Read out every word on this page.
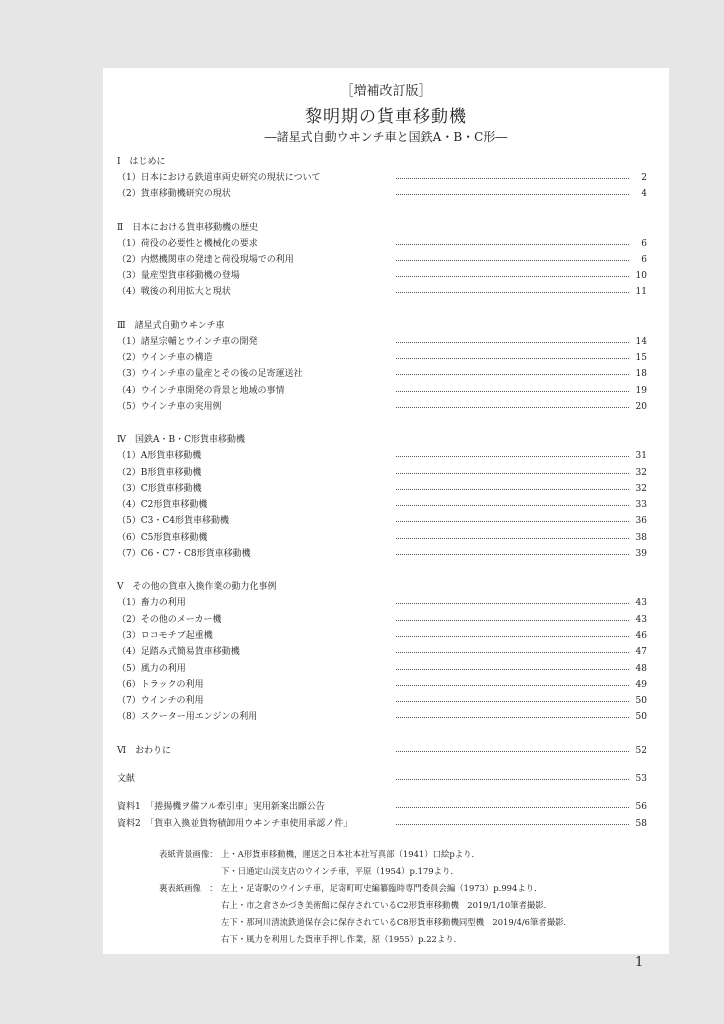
［増補改訂版］
黎明期の貨車移動機
―諸星式自動ウヰンチ車と国鉄A・B・C形―
Ⅰ　はじめに
（1）日本における鉄道車両史研究の現状について	2
（2）貨車移動機研究の現状	4
Ⅱ　日本における貨車移動機の歴史
（1）荷役の必要性と機械化の要求	6
（2）内燃機関車の発達と荷役現場での利用	6
（3）量産型貨車移動機の登場	10
（4）戦後の利用拡大と現状	11
Ⅲ　諸星式自動ウヰンチ車
（1）諸星宗輔とウインチ車の開発	14
（2）ウインチ車の構造	15
（3）ウインチ車の量産とその後の足寄運送社	18
（4）ウインチ車開発の背景と地域の事情	19
（5）ウインチ車の実用例	20
Ⅳ　国鉄A・B・C形貨車移動機
（1）A形貨車移動機	31
（2）B形貨車移動機	32
（3）C形貨車移動機	32
（4）C2形貨車移動機	33
（5）C3・C4形貨車移動機	36
（6）C5形貨車移動機	38
（7）C6・C7・C8形貨車移動機	39
Ⅴ　その他の貨車入換作業の動力化事例
（1）畜力の利用	43
（2）その他のメーカー機	43
（3）ロコモチブ起重機	46
（4）足踏み式簡易貨車移動機	47
（5）風力の利用	48
（6）トラックの利用	49
（7）ウインチの利用	50
（8）スクーター用エンジンの利用	50
Ⅵ　おわりに	52
文献	53
資料1　「捲揚機ヲ備フル牽引車」実用新案出願公告	56
資料2　「貨車入換並貨物積卸用ウヰンチ車使用承認ノ件」	58
表紙背景画像： 上・A形貨車移動機，運送之日本社本社写真部（1941）口絵pより．
下・日通定山渓支店のウインチ車，平原（1954）p.179より．
裏表紙画像　： 左上・足寄駅のウインチ車，足寄町町史編纂臨時専門委員会編（1973）p.994より．
右上・市之倉さかづき美術館に保存されているC2形貨車移動機　2019/1/10筆者撮影．
左下・那珂川清流鉄道保存会に保存されているC8形貨車移動機同型機　2019/4/6筆者撮影．
右下・風力を利用した貨車手押し作業，原（1955）p.22より．
1
